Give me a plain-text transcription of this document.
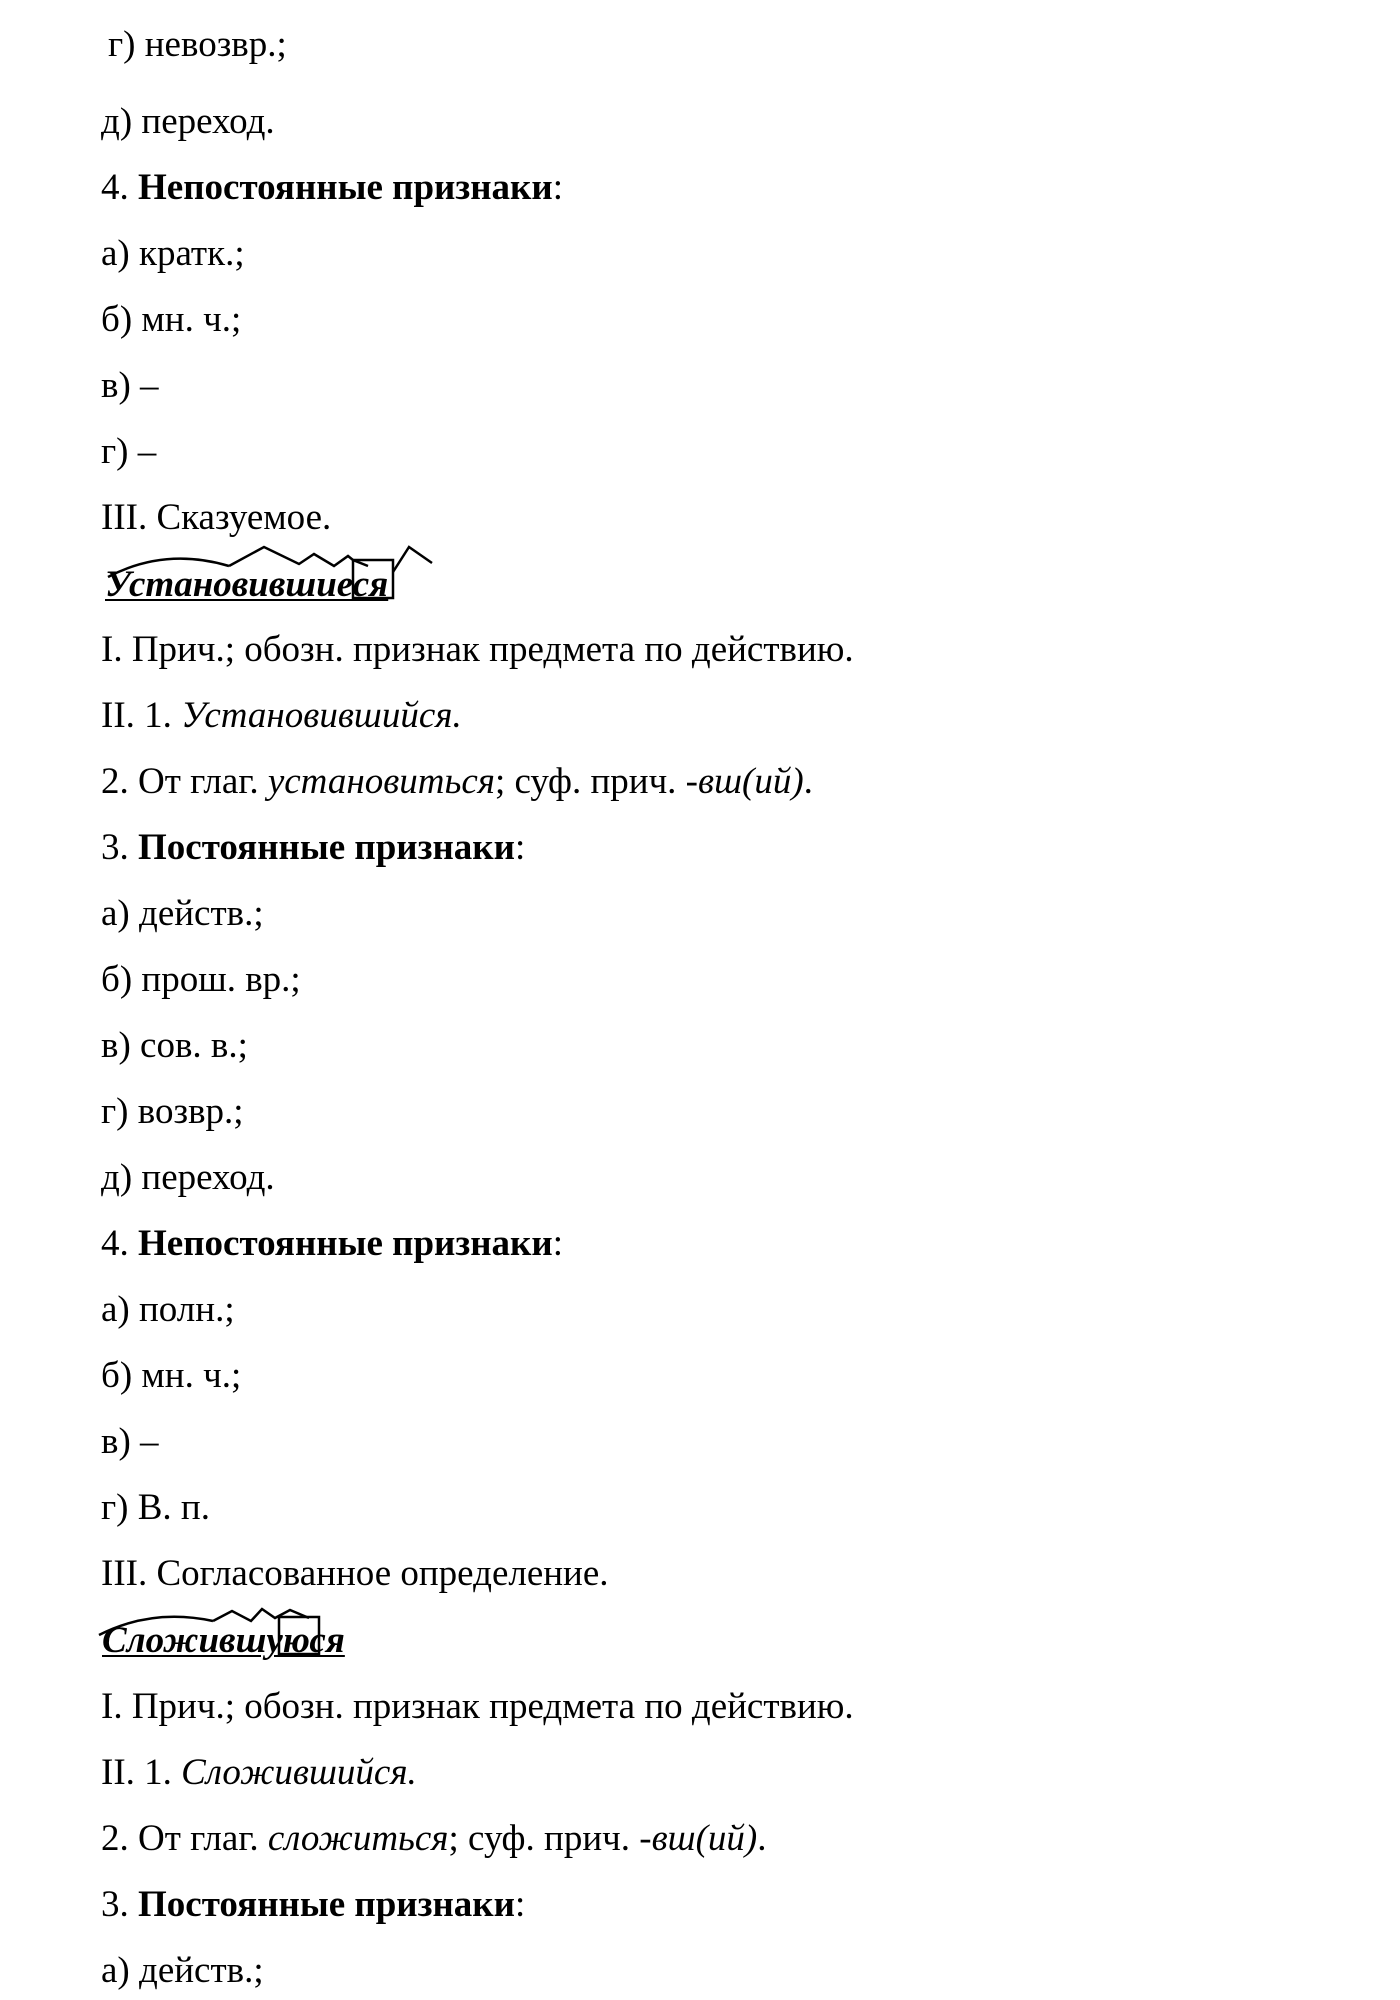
г) невозвр.;
д) переход.
4. Непостоянные признаки:
а) кратк.;
б) мн. ч.;
в) –
г) –
III. Сказуемое.
Установившиеся
I. Прич.; обозн. признак предмета по действию.
II. 1. Установившийся.
2. От глаг. установиться; суф. прич. -вш(ий).
3. Постоянные признаки:
а) действ.;
б) прош. вр.;
в) сов. в.;
г) возвр.;
д) переход.
4. Непостоянные признаки:
а) полн.;
б) мн. ч.;
в) –
г) В. п.
III. Согласованное определение.
Сложившуюся
I. Прич.; обозн. признак предмета по действию.
II. 1. Сложившийся.
2. От глаг. сложиться; суф. прич. -вш(ий).
3. Постоянные признаки:
а) действ.;
